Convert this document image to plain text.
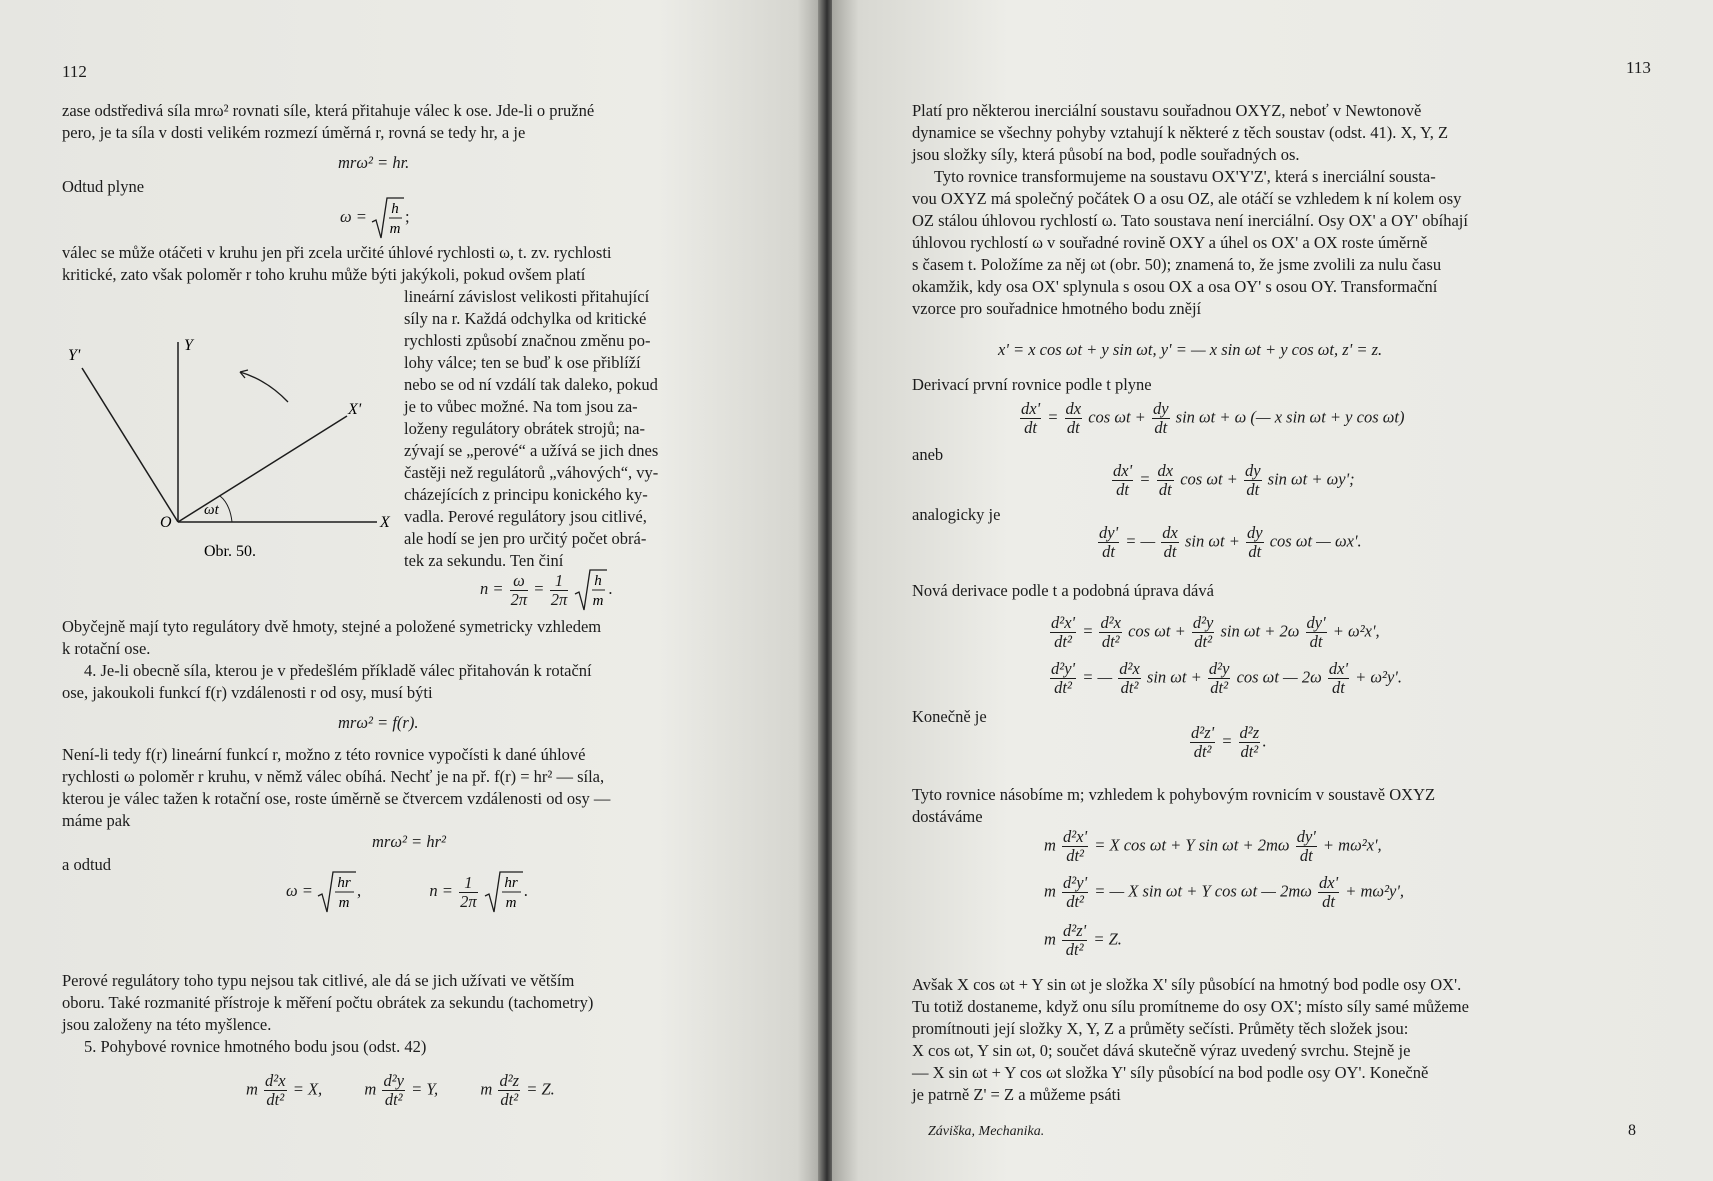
112
zase odstředivá síla mrω² rovnati síle, která přitahuje válec k ose. Jde-li o pružné
pero, je ta síla v dosti velikém rozmezí úměrná r, rovná se tedy hr, a je
mrω² = hr.
Odtud plyne
ω = h
m
;
válec se může otáčeti v kruhu jen při zcela určité úhlové rychlosti ω, t. zv. rychlosti
kritické, zato však poloměr r toho kruhu může býti jakýkoli, pokud ovšem platí
lineární závislost velikosti přitahující
síly na r. Každá odchylka od kritické
rychlosti způsobí značnou změnu po-
lohy válce; ten se buď k ose přiblíží
nebo se od ní vzdálí tak daleko, pokud
je to vůbec možné. Na tom jsou za-
loženy regulátory obrátek strojů; na-
zývají se „perové“ a užívá se jich dnes
častěji než regulátorů „váhových“, vy-
cházejících z principu konického ky-
vadla. Perové regulátory jsou citlivé,
ale hodí se jen pro určitý počet obrá-
tek za sekundu. Ten činí
Y
Y'
X'
X
O
ωt
Obr. 50.
$n = \frac{\omega}{2\pi} = \frac{1}{2\pi}$
h
m
.
Obyčejně mají tyto regulátory dvě hmoty, stejné a položené symetricky vzhledem
k rotační ose.
4. Je-li obecně síla, kterou je v předešlém příkladě válec přitahován k rotační
ose, jakoukoli funkcí f(r) vzdálenosti r od osy, musí býti
mrω² = f(r).
Není-li tedy f(r) lineární funkcí r, možno z této rovnice vypočísti k dané úhlové
rychlosti ω poloměr r kruhu, v němž válec obíhá. Nechť je na př. f(r) = hr² — síla,
kterou je válec tažen k rotační ose, roste úměrně se čtvercem vzdálenosti od osy —
máme pak
mrω² = hr²
a odtud
ω = hr
m
,	$n = \frac{1}{2\pi}$
hr
m
.
Perové regulátory toho typu nejsou tak citlivé, ale dá se jich užívati ve větším
oboru. Také rozmanité přístroje k měření počtu obrátek za sekundu (tachometry)
jsou založeny na této myšlence.
5. Pohybové rovnice hmotného bodu jsou (odst. 42)
m $\frac{\text{d²x}}{\text{dt²}} = X$,	m $\frac{\text{d²y}}{\text{dt²}} = Y$,	m $\frac{\text{d²z}}{\text{dt²}} = Z$.
113
Platí pro některou inerciální soustavu souřadnou OXYZ, neboť v Newtonově
dynamice se všechny pohyby vztahují k některé z těch soustav (odst. 41). X, Y, Z
jsou složky síly, která působí na bod, podle souřadných os.
Tyto rovnice transformujeme na soustavu OX'Y'Z', která s inerciální sousta-
vou OXYZ má společný počátek O a osu OZ, ale otáčí se vzhledem k ní kolem osy
OZ stálou úhlovou rychlostí ω. Tato soustava není inerciální. Osy OX' a OY' obíhají
úhlovou rychlostí ω v souřadné rovině OXY a úhel os OX' a OX roste úměrně
s časem t. Položíme za něj ωt (obr. 50); znamená to, že jsme zvolili za nulu času
okamžik, kdy osa OX' splynula s osou OX a osa OY' s osou OY. Transformační
vzorce pro souřadnice hmotného bodu znějí
x' = x cos ωt + y sin ωt, y' = — x sin ωt + y cos ωt, z' = z.
Derivací první rovnice podle t plyne
$\frac{dx'}{dt} = \frac{dx}{dt}$ $\cos \omega t + \frac{dy}{dt}$ sin ωt + ω (— x sin ωt + y cos ωt)
aneb
$\frac{dx'}{dt} = \frac{dx}{dt}$ $\cos \omega t + \frac{dy}{dt}$ sin ωt + ωy';
analogicky je
$\frac{dy'}{dt}$ = — $\frac{dx}{dt}$ $\sin \omega t + \frac{dy}{dt}$ cos ωt — ωx'.
Nová derivace podle t a podobná úprava dává
$\frac{\text{d²x'}}{\text{dt²}} = \frac{\text{d²x}}{\text{dt²}}$ $\cos \omega t + \frac{\text{d²y}}{\text{dt²}}$ $\sin \omega t + 2\omega \frac{dy'}{dt} + \omega^2x'$,
$\frac{\text{d²y'}}{\text{dt²}}$ = — $\frac{\text{d²x}}{\text{dt²}}$ $\sin \omega t + \frac{\text{d²y}}{\text{dt²}}$ cos ωt — $2\omega \frac{dx'}{dt} + \omega^2y'$.
Konečně je
$\frac{\text{d²z'}}{\text{dt²}} = \frac{\text{d²z}}{\text{dt²}}$ .
Tyto rovnice násobíme m; vzhledem k pohybovým rovnicím v soustavě OXYZ
dostáváme
m $\frac{\text{d²x'}}{\text{dt²}} = X$ cos ωt + Y $\sin \omega t + 2m\omega \frac{dy'}{dt} + m\omega^2x'$,
m $\frac{\text{d²y'}}{\text{dt²}}$ = — X sin ωt + Y cos ωt — $2m\omega \frac{dx'}{dt} + m\omega^2y'$,
m $\frac{\text{d²z'}}{\text{dt²}} = Z$.
Avšak X cos ωt + Y sin ωt je složka X' síly působící na hmotný bod podle osy OX'.
Tu totiž dostaneme, když onu sílu promítneme do osy OX'; místo síly samé můžeme
promítnouti její složky X, Y, Z a průměty sečísti. Průměty těch složek jsou:
X cos ωt, Y sin ωt, 0; součet dává skutečně výraz uvedený svrchu. Stejně je
— X sin ωt + Y cos ωt složka Y' síly působící na bod podle osy OY'. Konečně
je patrně Z' = Z a můžeme psáti
Záviška, Mechanika.	8
